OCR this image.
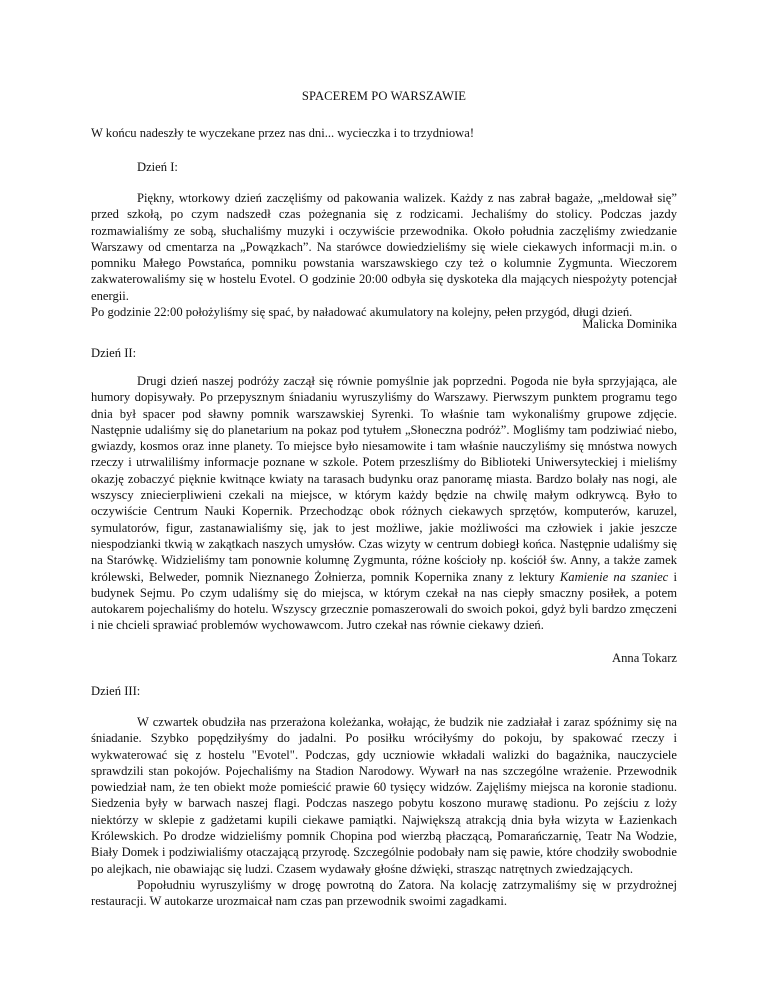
SPACEREM PO WARSZAWIE

W końcu nadeszły te wyczekane przez nas dni... wycieczka i to trzydniowa!

Dzień I:

Piękny, wtorkowy dzień zaczęliśmy od pakowania walizek. Każdy z nas zabrał bagaże, „meldował się” przed szkołą, po czym nadszedł czas pożegnania się z rodzicami. Jechaliśmy do stolicy. Podczas jazdy rozmawialiśmy ze sobą, słuchaliśmy muzyki i oczywiście przewodnika. Około południa zaczęliśmy zwiedzanie Warszawy od cmentarza na „Powązkach”. Na starówce dowiedzieliśmy się wiele ciekawych informacji m.in. o pomniku Małego Powstańca, pomniku powstania warszawskiego czy też o kolumnie Zygmunta. Wieczorem zakwaterowaliśmy się w hostelu Evotel. O godzinie 20:00 odbyła się dyskoteka dla mających niespożyty potencjał energii.

Po godzinie 22:00 położyliśmy się spać, by naładować akumulatory na kolejny, pełen przygód, długi dzień.

Malicka Dominika
Dzień II:

Drugi dzień naszej podróży zaczął się równie pomyślnie jak poprzedni. Pogoda nie była sprzyjająca, ale humory dopisywały. Po przepysznym śniadaniu wyruszyliśmy do Warszawy. Pierwszym punktem programu tego dnia był spacer pod sławny pomnik warszawskiej Syrenki. To właśnie tam wykonaliśmy grupowe zdjęcie. Następnie udaliśmy się do planetarium na pokaz pod tytułem „Słoneczna podróż”. Mogliśmy tam podziwiać niebo, gwiazdy, kosmos oraz inne planety. To miejsce było niesamowite i tam właśnie nauczyliśmy się mnóstwa nowych rzeczy i utrwaliliśmy informacje poznane w szkole. Potem przeszliśmy do Biblioteki Uniwersyteckiej i mieliśmy okazję zobaczyć pięknie kwitnące kwiaty na tarasach budynku oraz panoramę miasta. Bardzo bolały nas nogi, ale wszyscy zniecierpliwieni czekali na miejsce, w którym każdy będzie na chwilę małym odkrywcą. Było to oczywiście Centrum Nauki Kopernik. Przechodząc obok różnych ciekawych sprzętów, komputerów, karuzel, symulatorów, figur, zastanawialiśmy się, jak to jest możliwe, jakie możliwości ma człowiek i jakie jeszcze niespodzianki tkwią w zakątkach naszych umysłów. Czas wizyty w centrum dobiegł końca. Następnie udaliśmy się na Starówkę. Widzieliśmy tam ponownie kolumnę Zygmunta, różne kościoły np. kościół św. Anny, a także zamek królewski, Belweder, pomnik Nieznanego Żołnierza, pomnik Kopernika znany z lektury Kamienie na szaniec i budynek Sejmu. Po czym udaliśmy się do miejsca, w którym czekał na nas ciepły smaczny posiłek, a potem autokarem pojechaliśmy do hotelu. Wszyscy grzecznie pomaszerowali do swoich pokoi, gdyż byli bardzo zmęczeni i nie chcieli sprawiać problemów wychowawcom. Jutro czekał nas równie ciekawy dzień.

Anna Tokarz
Dzień III:

W czwartek obudziła nas przerażona koleżanka, wołając, że budzik nie zadziałał i zaraz spóźnimy się na śniadanie. Szybko popędziłyśmy do jadalni. Po posiłku wróciłyśmy do pokoju, by spakować rzeczy i wykwaterować się z hostelu "Evotel". Podczas, gdy uczniowie wkładali walizki do bagażnika, nauczyciele sprawdzili stan pokojów. Pojechaliśmy na Stadion Narodowy. Wywarł na nas szczególne wrażenie. Przewodnik powiedział nam, że ten obiekt może pomieścić prawie 60 tysięcy widzów. Zajęliśmy miejsca na koronie stadionu. Siedzenia były w barwach naszej flagi. Podczas naszego pobytu koszono murawę stadionu. Po zejściu z loży niektórzy w sklepie z gadżetami kupili ciekawe pamiątki. Największą atrakcją dnia była wizyta w Łazienkach Królewskich. Po drodze widzieliśmy pomnik Chopina pod wierzbą płaczącą, Pomarańczarnię, Teatr Na Wodzie, Biały Domek i podziwialiśmy otaczającą przyrodę. Szczególnie podobały nam się pawie, które chodziły swobodnie po alejkach, nie obawiając się ludzi. Czasem wydawały głośne dźwięki, strasząc natrętnych zwiedzających.

Popołudniu wyruszyliśmy w drogę powrotną do Zatora. Na kolację zatrzymaliśmy się w przydrożnej restauracji. W autokarze urozmaicał nam czas pan przewodnik swoimi zagadkami.
